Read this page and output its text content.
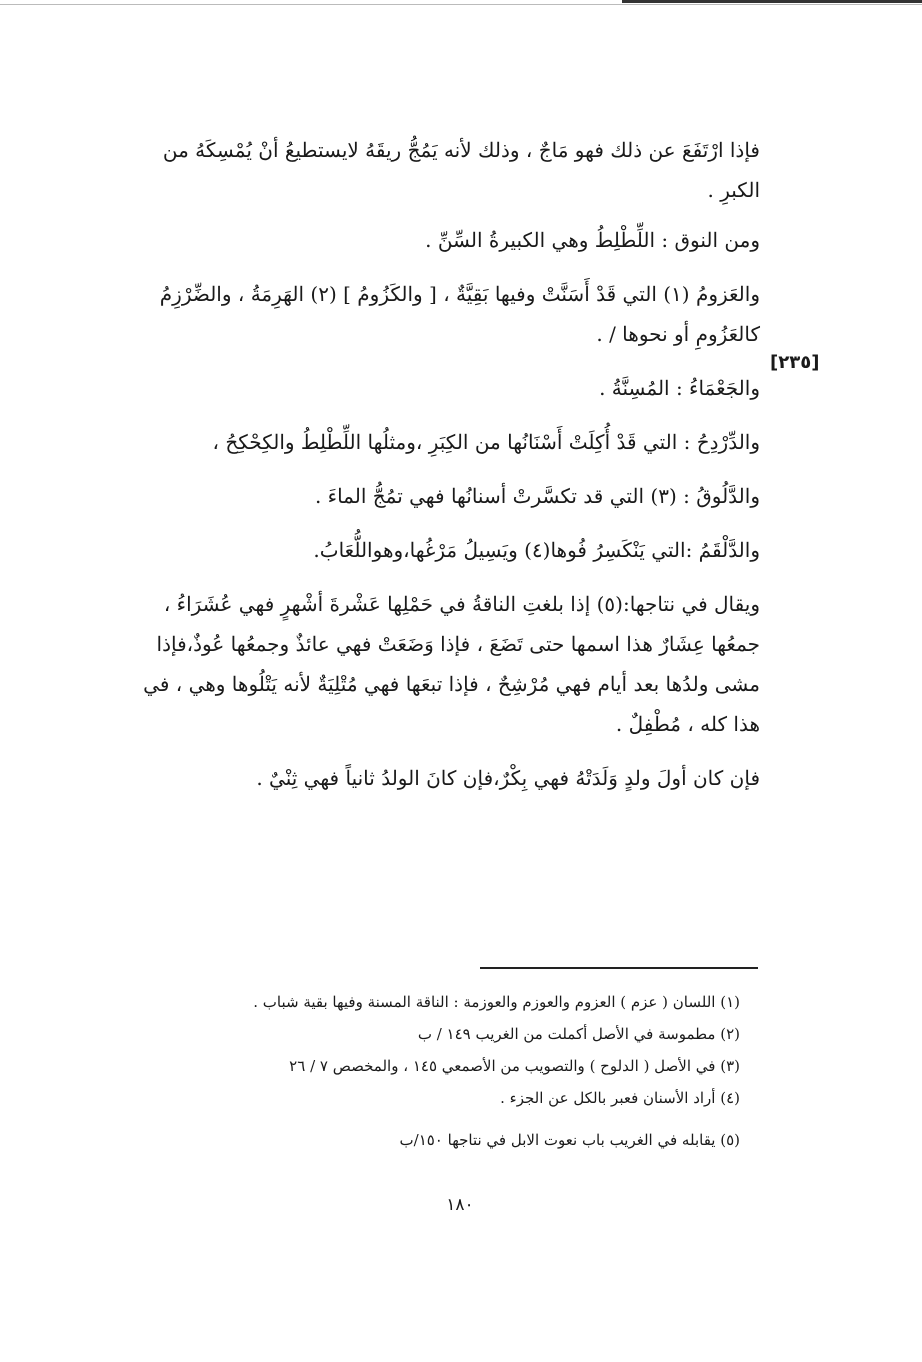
فإذا ارْتَفَعَ عن ذلك فهو مَاجٌ ، وذلك لأنه يَمُجُّ ريقَهُ لايستطيعُ أنْ يُمْسِكَهُ من الكبرِ .

ومن النوق : اللِّطْلِطُ وهي الكبيرةُ السِّنِّ .

والعَزومُ (١) التي قَدْ أَسَنَّتْ وفيها بَقِيَّةٌ ، [ والكَزُومُ ] (٢) الهَرِمَةُ ، والضِّرْزِمُ كالعَزُومِ أو نحوها / .

والجَعْمَاءُ : المُسِنَّةُ .

والدِّرْدِحُ : التي قَدْ أُكِلَتْ أَسْنَانُها من الكِبَرِ ،ومثلُها اللِّطْلِطُ والكِحْكِحُ ،

والدَّلُوقُ : (٣) التي قد تكسَّرتْ أسنانُها فهي تمُجُّ الماءَ .

والدَّلْقَمُ :التي يَنْكَسِرُ فُوها(٤) ويَسِيلُ مَرْغُها،وهواللُّعَابُ.

ويقال في نتاجها:(٥) إذا بلغتِ الناقةُ في حَمْلِها عَشْرةَ أشْهرٍ فهي عُشَرَاءُ ، جمعُها عِشَارٌ هذا اسمها حتى تَضَعَ ، فإذا وَضَعَتْ فهي عائذٌ وجمعُها عُوذٌ،فإذا مشى ولدُها بعد أيام فهي مُرْشِحٌ ، فإذا تبعَها فهي مُتْلِيَةٌ لأنه يَتْلُوها وهي ، في هذا كله ، مُطْفِلٌ .

فإن كان أولَ ولدٍ وَلَدَتْهُ فهي بِكْرٌ،فإن كانَ الولدُ ثانياً فهي ثِنْيٌ .

[٢٣٥]

(١) اللسان ( عزم ) العزوم والعوزم والعوزمة : الناقة المسنة وفيها بقية شباب .

(٢) مطموسة في الأصل أكملت من الغريب ١٤٩ / ب

(٣) في الأصل ( الدلوح ) والتصويب من الأصمعي ١٤٥ ، والمخصص ٧ / ٢٦

(٤) أراد الأسنان فعبر بالكل عن الجزء .

(٥) يقابله في الغريب باب نعوت الابل في نتاجها ١٥٠/ب

١٨٠
